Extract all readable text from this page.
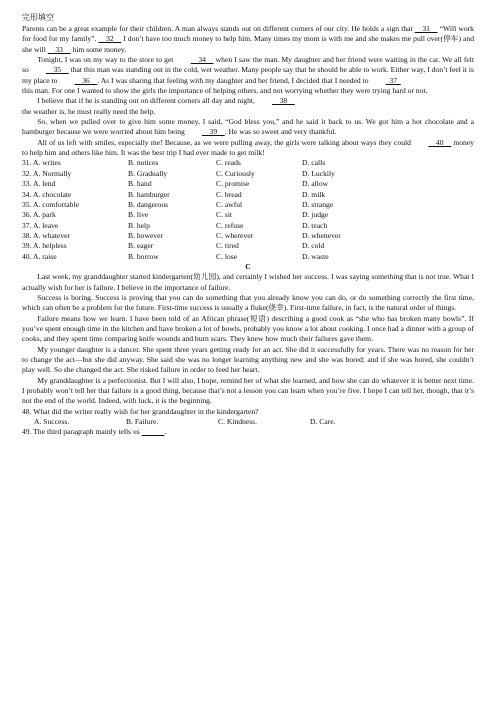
完形填空

Parents can be a great example for their children. A man always stands out on different corners of our city. He holds a sign that     31     “Will work for food for my family”.     32     I don’t have too much money to help him. Many times my mom is with me and she makes me pull over(停车) and she will     33     him some money.

Tonight, I was on my way to the store to get     34     when I saw the man. My daughter and her friend were waiting in the car. We all felt so     35     that this man was standing out in the cold, wet weather. Many people say that he should be able to work. Either way, I don’t feel it is my place to     36    . As I was sharing that feeling with my daughter and her friend, I decided that I needed to   37
this man. For one I wanted to show the girls the importance of helping others, and not worrying whether they were trying hard or not.

I believe that if he is standing out on different corners all day and night,     38
the weather is, he must really need the help.

So, when we pulled over to give him some money, I said, “God bless you,” and he said it back to us. We got him a hot chocolate and a hamburger because we were worried about him being     39    . He was so sweet and very thankful.

All of us left with smiles, especially me! Because, as we were pulling away, the girls were talking about ways they could     40     money to help him and others like him. It was the best trip I had ever made to get milk!

31. A. writes	B. notices	C. reads	D. calls
32. A. Normally	B. Gradually	C. Curiously	D. Luckily
33. A. lend	B. hand	C. promise	D. allow
34. A. chocolate	B. hamburger	C. bread	D. milk
35. A. comfortable	B. dangerous	C. awful	D. strange
36. A. park	B. live	C. sit	D. judge
37. A. leave	B. help	C. refuse	D. teach
38. A. whatever	B. however	C. wherever	D. whenever
39. A. helpless	B. eager	C. tired	D. cold
40. A. raise	B. borrow	C. lose	D. waste
C

Last week, my granddaughter started kindergarten(幼儿园), and certainly I wished her success. I was saying something that is not true. What I actually wish for her is failure. I believe in the importance of failure.

Success is boring. Success is proving that you can do something that you already know you can do, or do something correctly the first time, which can often be a problem for the future. First-time success is usually a fluke(侥幸). First-time failure, in fact, is the natural order of things.

Failure means how we learn. I have been told of an African phrase(短语) describing a good cook as “she who has broken many bowls”. If you’ve spent enough time in the kitchen and have broken a lot of bowls, probably you know a lot about cooking. I once had a dinner with a group of cooks, and they spent time comparing knife wounds and burn scars. They knew how much their failures gave them.

My younger daughter is a dancer. She spent three years getting ready for an act. She did it successfully for years. There was no reason for her to change the act—but she did anyway. She said she was no longer learning anything new and she was bored; and if she was bored, she couldn’t play well. So she changed the act. She risked failure in order to feed her heart.

My granddaughter is a perfectionist. But I will also, I hope, remind her of what she learned, and how she can do whatever it is better next time. I probably won’t tell her that failure is a good thing, because that’s not a lesson you can learn when you’re five. I hope I can tell her, though, that it’s not the end of the world. Indeed, with luck, it is the beginning.

48. What did the writer really wish for her granddaughter in the kindergarten?
A. Success.	B. Failure.	C. Kindness.	D. Care.
49. The third paragraph mainly tells us	.
